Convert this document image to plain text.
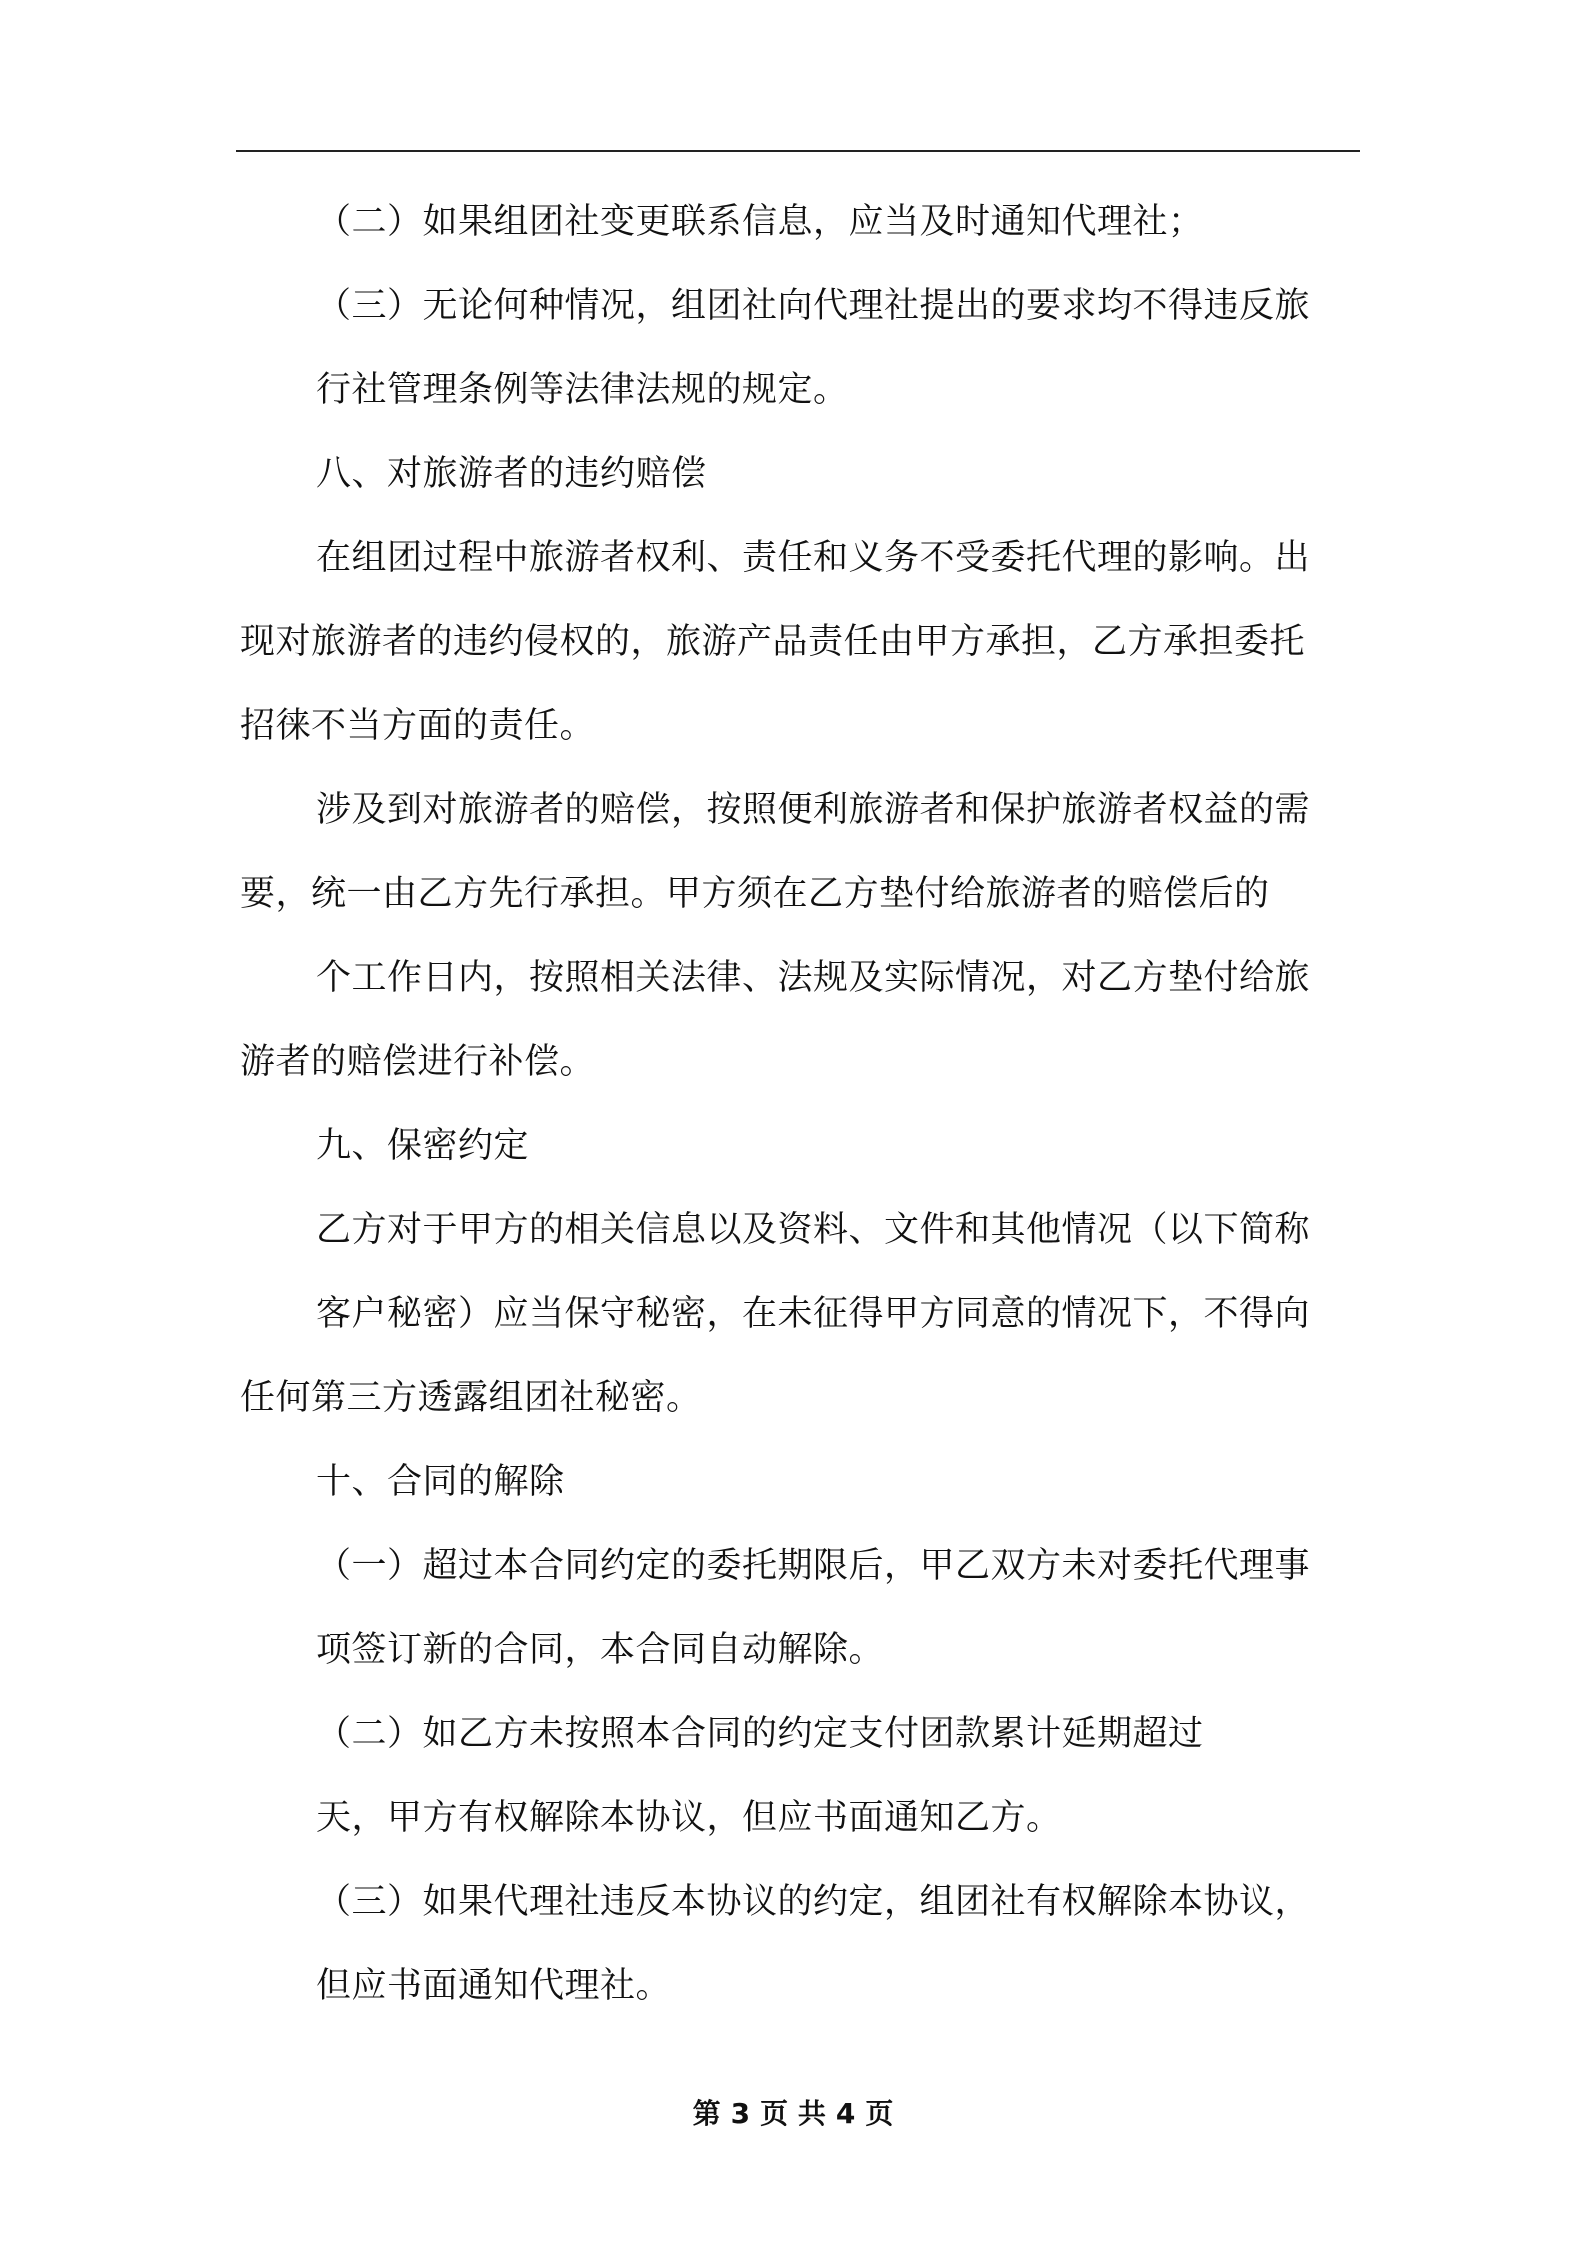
（二）如果组团社变更联系信息，应当及时通知代理社；
（三）无论何种情况，组团社向代理社提出的要求均不得违反旅
行社管理条例等法律法规的规定。
八、对旅游者的违约赔偿
在组团过程中旅游者权利、责任和义务不受委托代理的影响。出
现对旅游者的违约侵权的，旅游产品责任由甲方承担，乙方承担委托
招徕不当方面的责任。
涉及到对旅游者的赔偿，按照便利旅游者和保护旅游者权益的需
要，统一由乙方先行承担。甲方须在乙方垫付给旅游者的赔偿后的
个工作日内，按照相关法律、法规及实际情况，对乙方垫付给旅
游者的赔偿进行补偿。
九、保密约定
乙方对于甲方的相关信息以及资料、文件和其他情况（以下简称
客户秘密）应当保守秘密，在未征得甲方同意的情况下，不得向
任何第三方透露组团社秘密。
十、合同的解除
（一）超过本合同约定的委托期限后，甲乙双方未对委托代理事
项签订新的合同，本合同自动解除。
（二）如乙方未按照本合同的约定支付团款累计延期超过
天，甲方有权解除本协议，但应书面通知乙方。
（三）如果代理社违反本协议的约定，组团社有权解除本协议，
但应书面通知代理社。
第 3 页 共 4 页
